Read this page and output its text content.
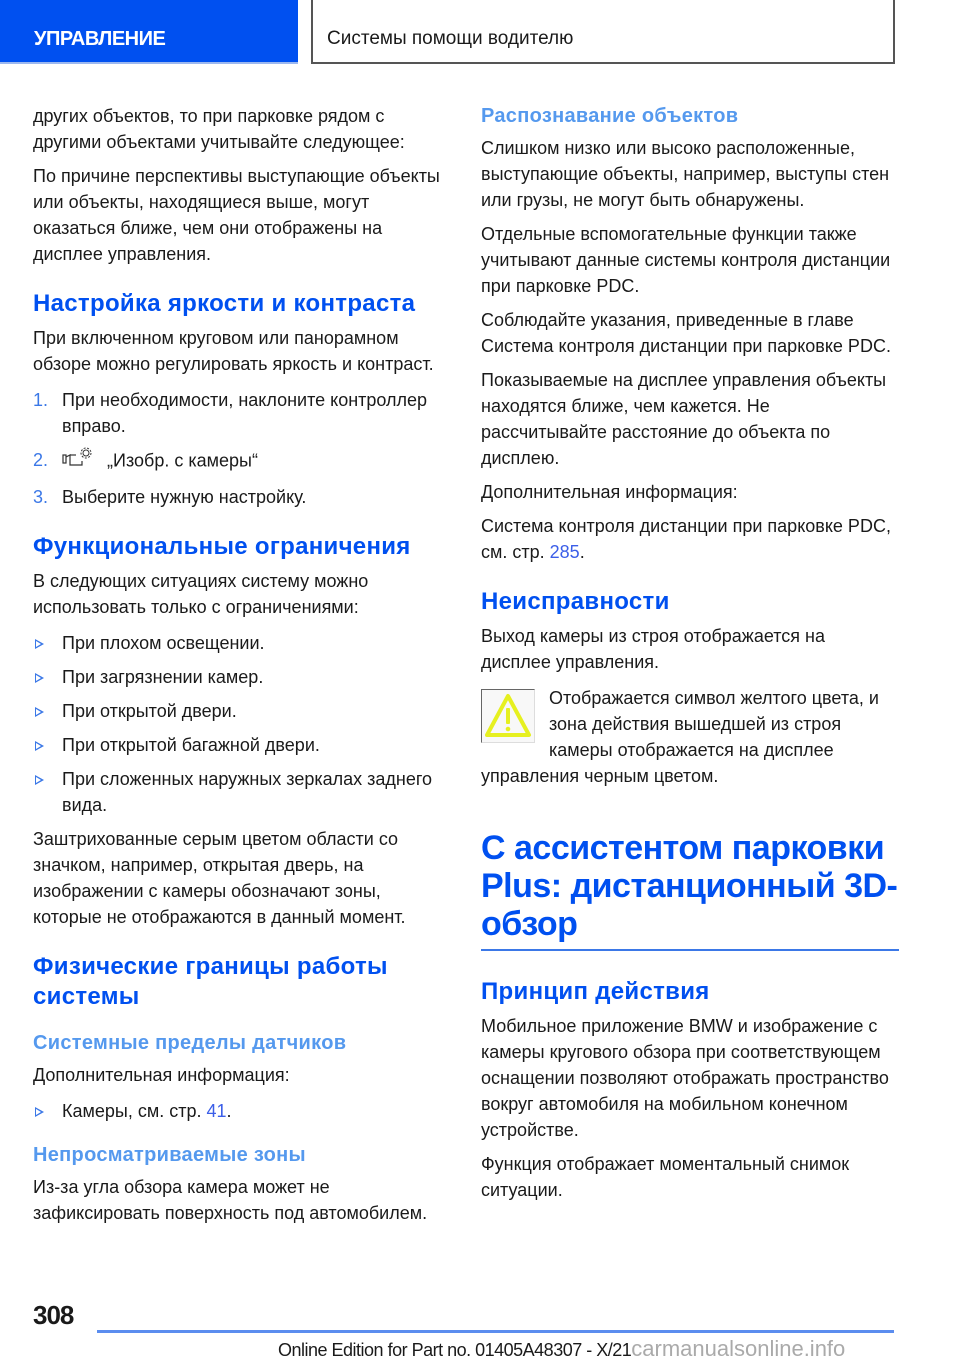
УПРАВЛЕНИЕ	Системы помощи водителю

других объектов, то при парковке рядом с другими объектами учитывайте следующее:

По причине перспективы выступающие объекты или объекты, находящиеся выше, могут оказаться ближе, чем они отображены на дисплее управления.

Настройка яркости и контраста

При включенном круговом или панорамном обзоре можно регулировать яркость и контраст.

1. При необходимости, наклоните контроллер вправо.
2.	„Изобр. с камеры“
3. Выберите нужную настройку.
Функциональные ограничения

В следующих ситуациях систему можно использовать только с ограничениями:

При плохом освещении.
При загрязнении камер.
При открытой двери.
При открытой багажной двери.
При сложенных наружных зеркалах заднего вида.

Заштрихованные серым цветом области со значком, например, открытая дверь, на изображении с камеры обозначают зоны, которые не отображаются в данный момент.

Физические границы работы системы
Системные пределы датчиков

Дополнительная информация:

Камеры, см. стр. 41.
Непросматриваемые зоны

Из-за угла обзора камера может не зафиксировать поверхность под автомобилем.

Распознавание объектов

Слишком низко или высоко расположенные, выступающие объекты, например, выступы стен или грузы, не могут быть обнаружены.

Отдельные вспомогательные функции также учитывают данные системы контроля дистанции при парковке PDC.

Соблюдайте указания, приведенные в главе Система контроля дистанции при парковке PDC.

Показываемые на дисплее управления объекты находятся ближе, чем кажется. Не рассчитывайте расстояние до объекта по дисплею.

Дополнительная информация:

Система контроля дистанции при парковке PDC, см. стр. 285.

Неисправности

Выход камеры из строя отображается на дисплее управления.

Отображается символ желтого цвета, и зона действия вышедшей из строя камеры отображается на дисплее управления черным цветом.

С ассистентом парковки Plus: дистанционный 3D-обзор
Принцип действия

Мобильное приложение BMW и изображение с камеры кругового обзора при соответствующем оснащении позволяют отображать пространство вокруг автомобиля на мобильном конечном устройстве.

Функция отображает моментальный снимок ситуации.

308
Online Edition for Part no. 01405A48307 - X/21carmanualsonline.info
